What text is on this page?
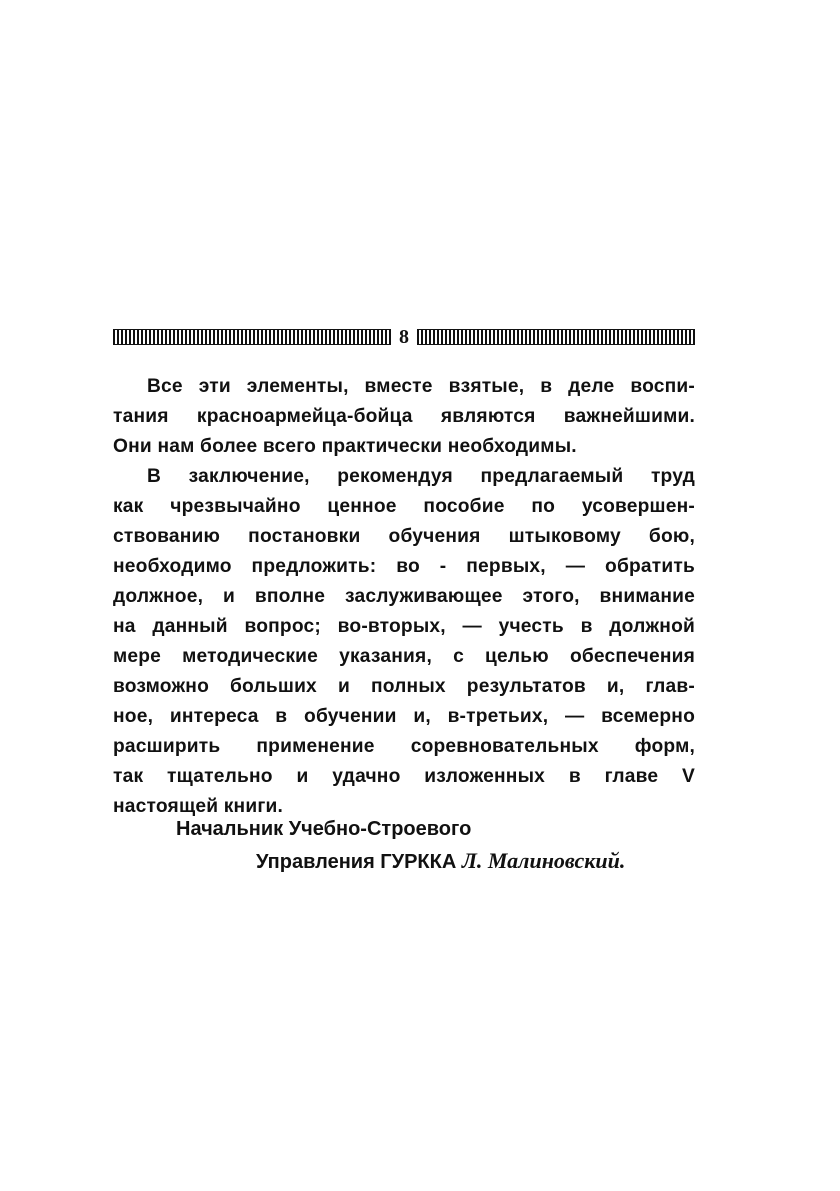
8
Все эти элементы, вместе взятые, в деле воспи-
тания красноармейца-бойца являются важнейшими.
Они нам более всего практически необходимы.
В заключение, рекомендуя предлагаемый труд
как чрезвычайно ценное пособие по усовершен-
ствованию постановки обучения штыковому бою,
необходимо предложить: во - первых, — обратить
должное, и вполне заслуживающее этого, внимание
на данный вопрос; во-вторых, — учесть в должной
мере методические указания, с целью обеспечения
возможно больших и полных результатов и, глав-
ное, интереса в обучении и, в-третьих, — всемерно
расширить применение соревновательных форм,
так тщательно и удачно изложенных в главе V
настоящей книги.
Начальник Учебно-Строевого
Управления ГУРККА Л. Малиновский.
